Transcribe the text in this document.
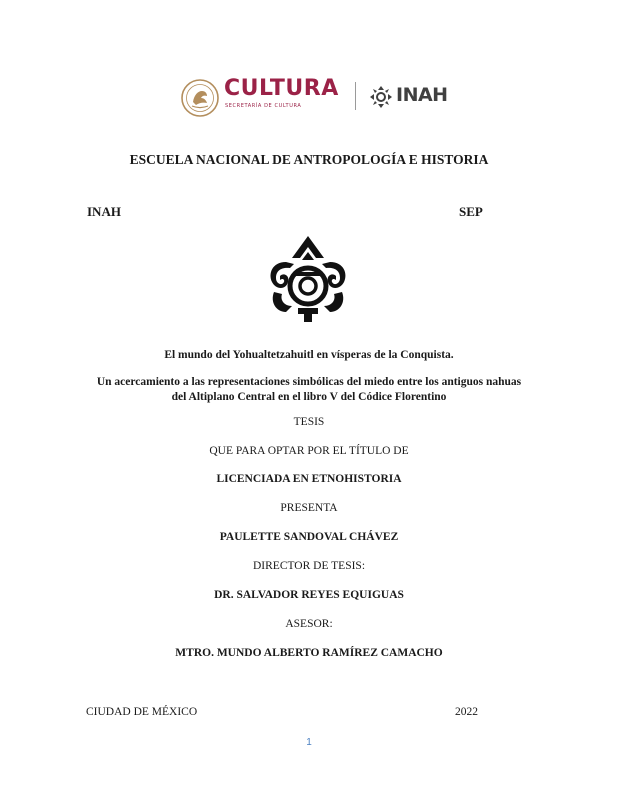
CULTURA
SECRETARÍA DE CULTURA	INAH
ESCUELA NACIONAL DE ANTROPOLOGÍA E HISTORIA
INAH	SEP
El mundo del Yohualtetzahuitl en vísperas de la Conquista.
Un acercamiento a las representaciones simbólicas del miedo entre los antiguos nahuas del Altiplano Central en el libro V del Códice Florentino
TESIS
QUE PARA OPTAR POR EL TÍTULO DE
LICENCIADA EN ETNOHISTORIA
PRESENTA
PAULETTE SANDOVAL CHÁVEZ
DIRECTOR DE TESIS:
DR. SALVADOR REYES EQUIGUAS
ASESOR:
MTRO. MUNDO ALBERTO RAMÍREZ CAMACHO
CIUDAD DE MÉXICO	2022
1
